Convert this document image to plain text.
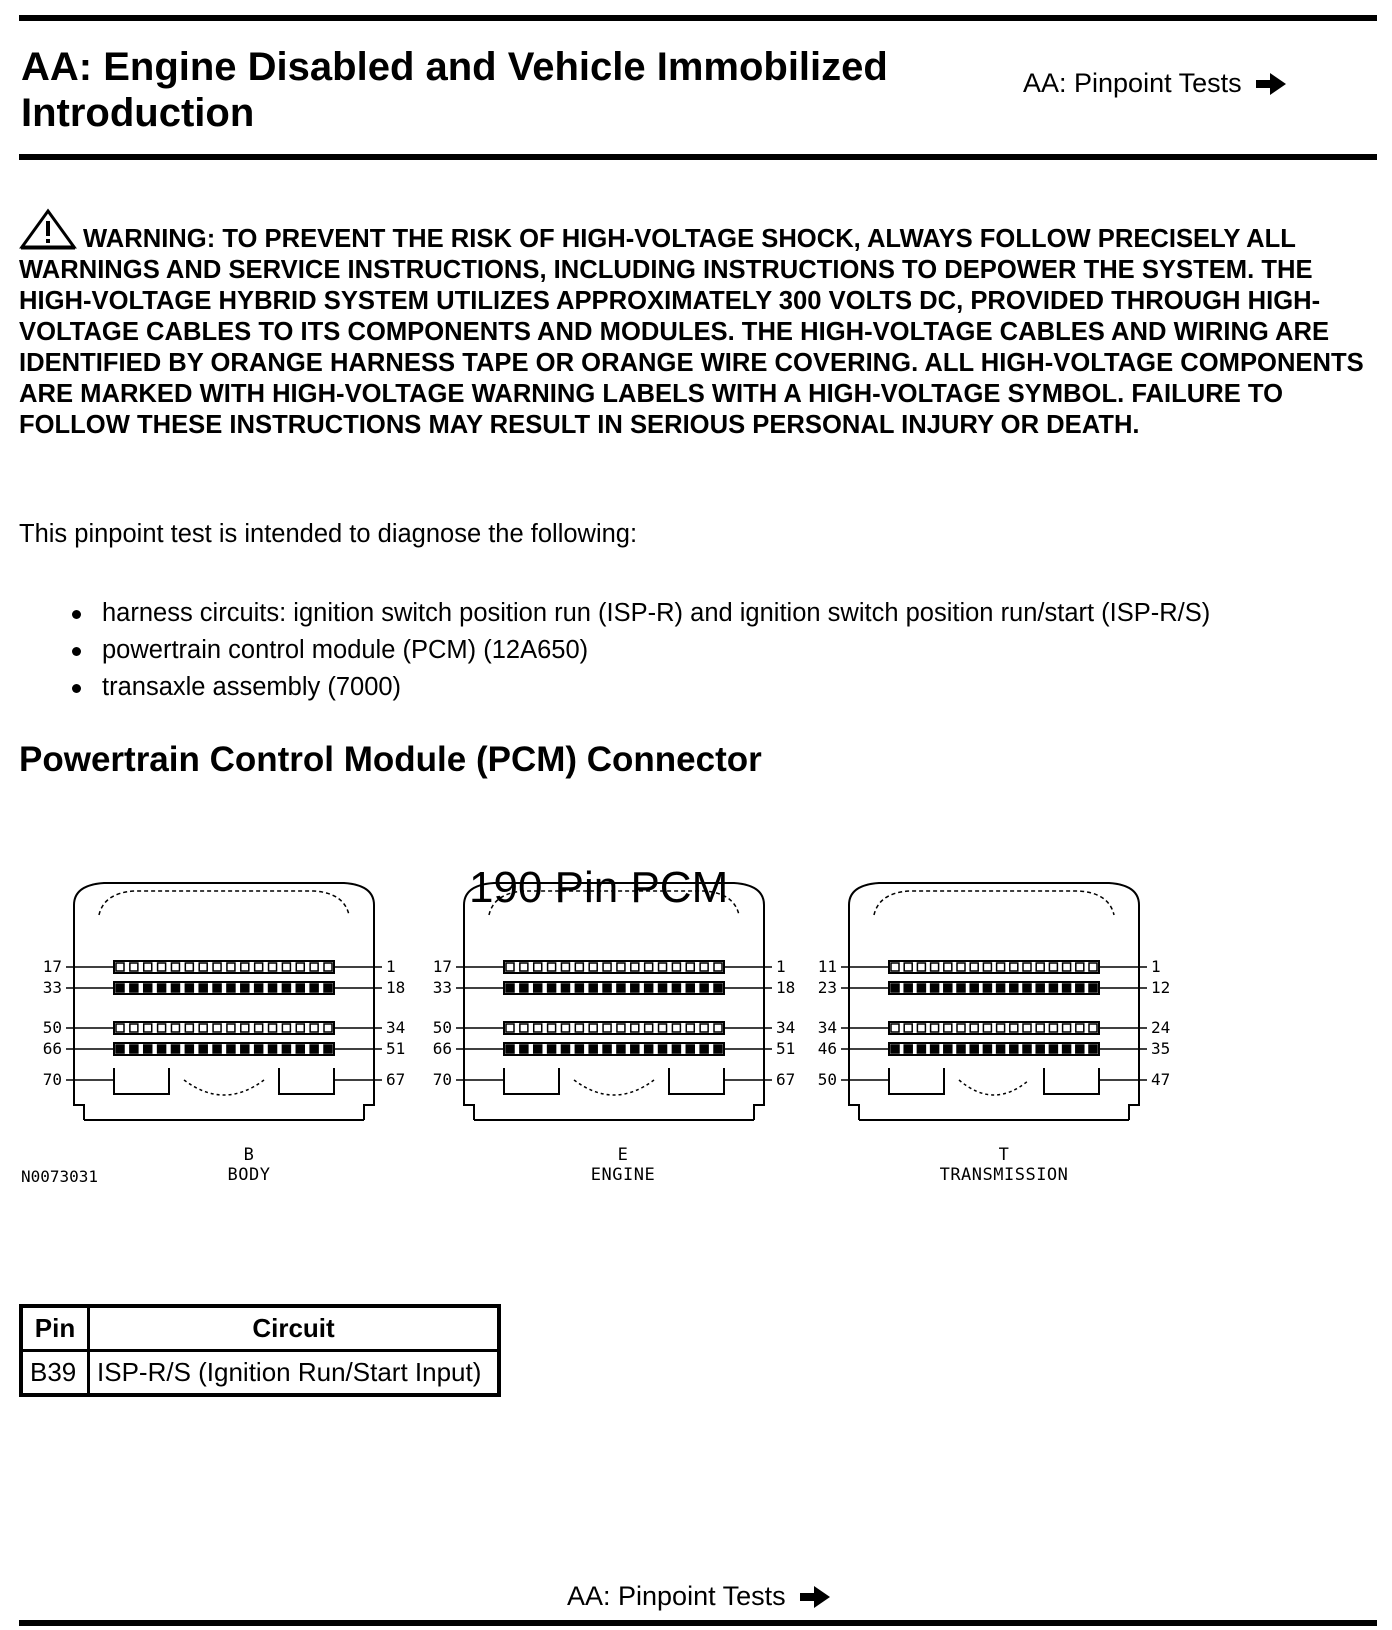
AA: Engine Disabled and Vehicle Immobilized
Introduction
AA: Pinpoint Tests
WARNING: TO PREVENT THE RISK OF HIGH-VOLTAGE SHOCK, ALWAYS FOLLOW PRECISELY ALL WARNINGS AND SERVICE INSTRUCTIONS, INCLUDING INSTRUCTIONS TO DEPOWER THE SYSTEM. THE HIGH-VOLTAGE HYBRID SYSTEM UTILIZES APPROXIMATELY 300 VOLTS DC, PROVIDED THROUGH HIGH-VOLTAGE CABLES TO ITS COMPONENTS AND MODULES. THE HIGH-VOLTAGE CABLES AND WIRING ARE IDENTIFIED BY ORANGE HARNESS TAPE OR ORANGE WIRE COVERING. ALL HIGH-VOLTAGE COMPONENTS ARE MARKED WITH HIGH-VOLTAGE WARNING LABELS WITH A HIGH-VOLTAGE SYMBOL. FAILURE TO FOLLOW THESE INSTRUCTIONS MAY RESULT IN SERIOUS PERSONAL INJURY OR DEATH.
This pinpoint test is intended to diagnose the following:
harness circuits: ignition switch position run (ISP-R) and ignition switch position run/start (ISP-R/S)
powertrain control module (PCM) (12A650)
transaxle assembly (7000)
Powertrain Control Module (PCM) Connector
190 Pin PCM
17	1
33	18
50	34
66	51
70	67
17	1
33	18
50	34
66	51
70	67
11	1
23	12
34	24
46	35
50	47
N0073031
B
BODY
E
ENGINE
T
TRANSMISSION
Pin	Circuit
B39	ISP-R/S (Ignition Run/Start Input)
AA: Pinpoint Tests
